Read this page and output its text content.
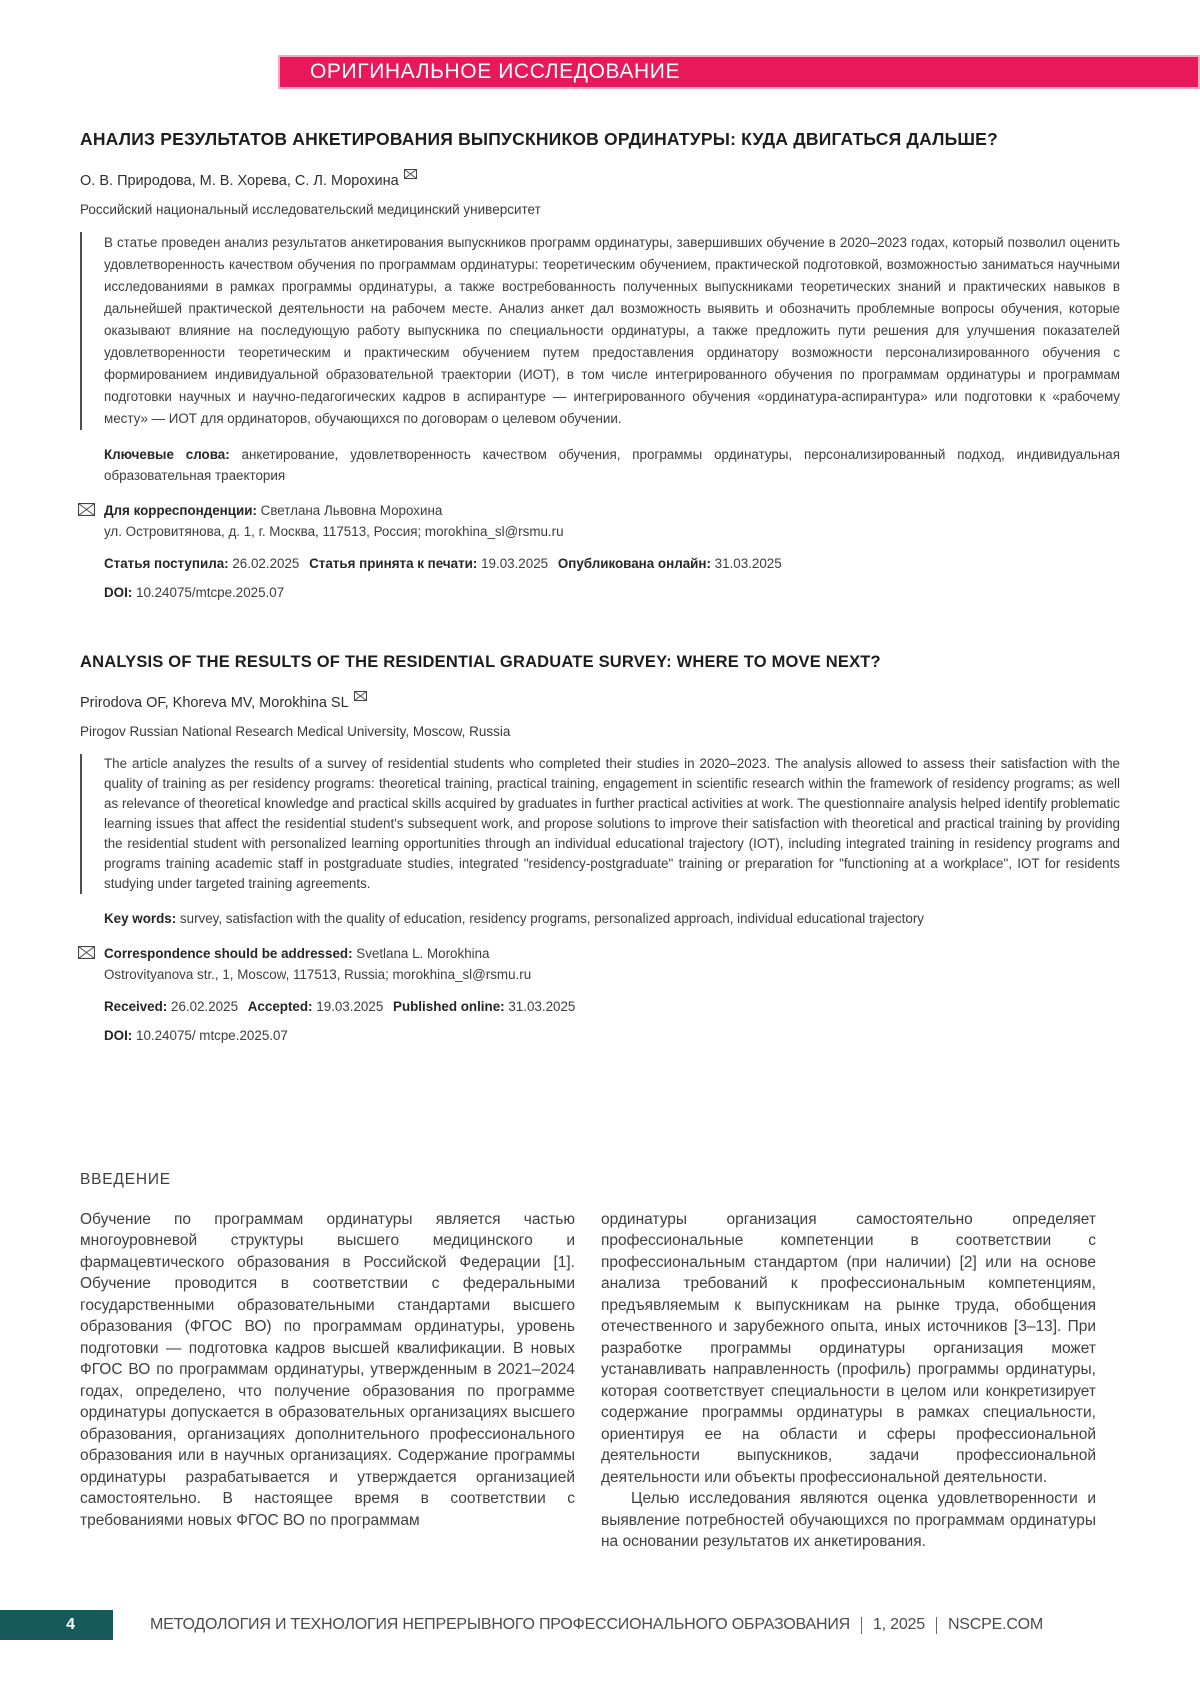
ОРИГИНАЛЬНОЕ ИССЛЕДОВАНИЕ
АНАЛИЗ РЕЗУЛЬТАТОВ АНКЕТИРОВАНИЯ ВЫПУСКНИКОВ ОРДИНАТУРЫ: КУДА ДВИГАТЬСЯ ДАЛЬШЕ?
О. В. Природова, М. В. Хорева, С. Л. Морохина
Российский национальный исследовательский медицинский университет
В статье проведен анализ результатов анкетирования выпускников программ ординатуры, завершивших обучение в 2020–2023 годах, который позволил оценить удовлетворенность качеством обучения по программам ординатуры: теоретическим обучением, практической подготовкой, возможностью заниматься научными исследованиями в рамках программы ординатуры, а также востребованность полученных выпускниками теоретических знаний и практических навыков в дальнейшей практической деятельности на рабочем месте. Анализ анкет дал возможность выявить и обозначить проблемные вопросы обучения, которые оказывают влияние на последующую работу выпускника по специальности ординатуры, а также предложить пути решения для улучшения показателей удовлетворенности теоретическим и практическим обучением путем предоставления ординатору возможности персонализированного обучения с формированием индивидуальной образовательной траектории (ИОТ), в том числе интегрированного обучения по программам ординатуры и программам подготовки научных и научно-педагогических кадров в аспирантуре — интегрированного обучения «ординатура-аспирантура» или подготовки к «рабочему месту» — ИОТ для ординаторов, обучающихся по договорам о целевом обучении.
Ключевые слова: анкетирование, удовлетворенность качеством обучения, программы ординатуры, персонализированный подход, индивидуальная образовательная траектория
Для корреспонденции: Светлана Львовна Морохина
ул. Островитянова, д. 1, г. Москва, 117513, Россия; morokhina_sl@rsmu.ru
Статья поступила: 26.02.2025 Статья принята к печати: 19.03.2025 Опубликована онлайн: 31.03.2025
DOI: 10.24075/mtcpe.2025.07
ANALYSIS OF THE RESULTS OF THE RESIDENTIAL GRADUATE SURVEY: WHERE TO MOVE NEXT?
Prirodova OF, Khoreva MV, Morokhina SL
Pirogov Russian National Research Medical University, Moscow, Russia
The article analyzes the results of a survey of residential students who completed their studies in 2020–2023. The analysis allowed to assess their satisfaction with the quality of training as per residency programs: theoretical training, practical training, engagement in scientific research within the framework of residency programs; as well as relevance of theoretical knowledge and practical skills acquired by graduates in further practical activities at work. The questionnaire analysis helped identify problematic learning issues that affect the residential student's subsequent work, and propose solutions to improve their satisfaction with theoretical and practical training by providing the residential student with personalized learning opportunities through an individual educational trajectory (IOT), including integrated training in residency programs and programs training academic staff in postgraduate studies, integrated "residency-postgraduate" training or preparation for "functioning at a workplace", IOT for residents studying under targeted training agreements.
Key words: survey, satisfaction with the quality of education, residency programs, personalized approach, individual educational trajectory
Correspondence should be addressed: Svetlana L. Morokhina
Ostrovityanova str., 1, Moscow, 117513, Russia; morokhina_sl@rsmu.ru
Received: 26.02.2025 Accepted: 19.03.2025 Published online: 31.03.2025
DOI: 10.24075/ mtcpe.2025.07
ВВЕДЕНИЕ
Обучение по программам ординатуры является частью многоуровневой структуры высшего медицинского и фармацевтического образования в Российской Федерации [1]. Обучение проводится в соответствии с федеральными государственными образовательными стандартами высшего образования (ФГОС ВО) по программам ординатуры, уровень подготовки — подготовка кадров высшей квалификации. В новых ФГОС ВО по программам ординатуры, утвержденным в 2021–2024 годах, определено, что получение образования по программе ординатуры допускается в образовательных организациях высшего образования, организациях дополнительного профессионального образования или в научных организациях. Содержание программы ординатуры разрабатывается и утверждается организацией самостоятельно. В настоящее время в соответствии с требованиями новых ФГОС ВО по программам

ординатуры организация самостоятельно определяет профессиональные компетенции в соответствии с профессиональным стандартом (при наличии) [2] или на основе анализа требований к профессиональным компетенциям, предъявляемым к выпускникам на рынке труда, обобщения отечественного и зарубежного опыта, иных источников [3–13]. При разработке программы ординатуры организация может устанавливать направленность (профиль) программы ординатуры, которая соответствует специальности в целом или конкретизирует содержание программы ординатуры в рамках специальности, ориентируя ее на области и сферы профессиональной деятельности выпускников, задачи профессиональной деятельности или объекты профессиональной деятельности.

Целью исследования являются оценка удовлетворенности и выявление потребностей обучающихся по программам ординатуры на основании результатов их анкетирования.

4	МЕТОДОЛОГИЯ И ТЕХНОЛОГИЯ НЕПРЕРЫВНОГО ПРОФЕССИОНАЛЬНОГО ОБРАЗОВАНИЯ 1, 2025 NSCPE.COM
